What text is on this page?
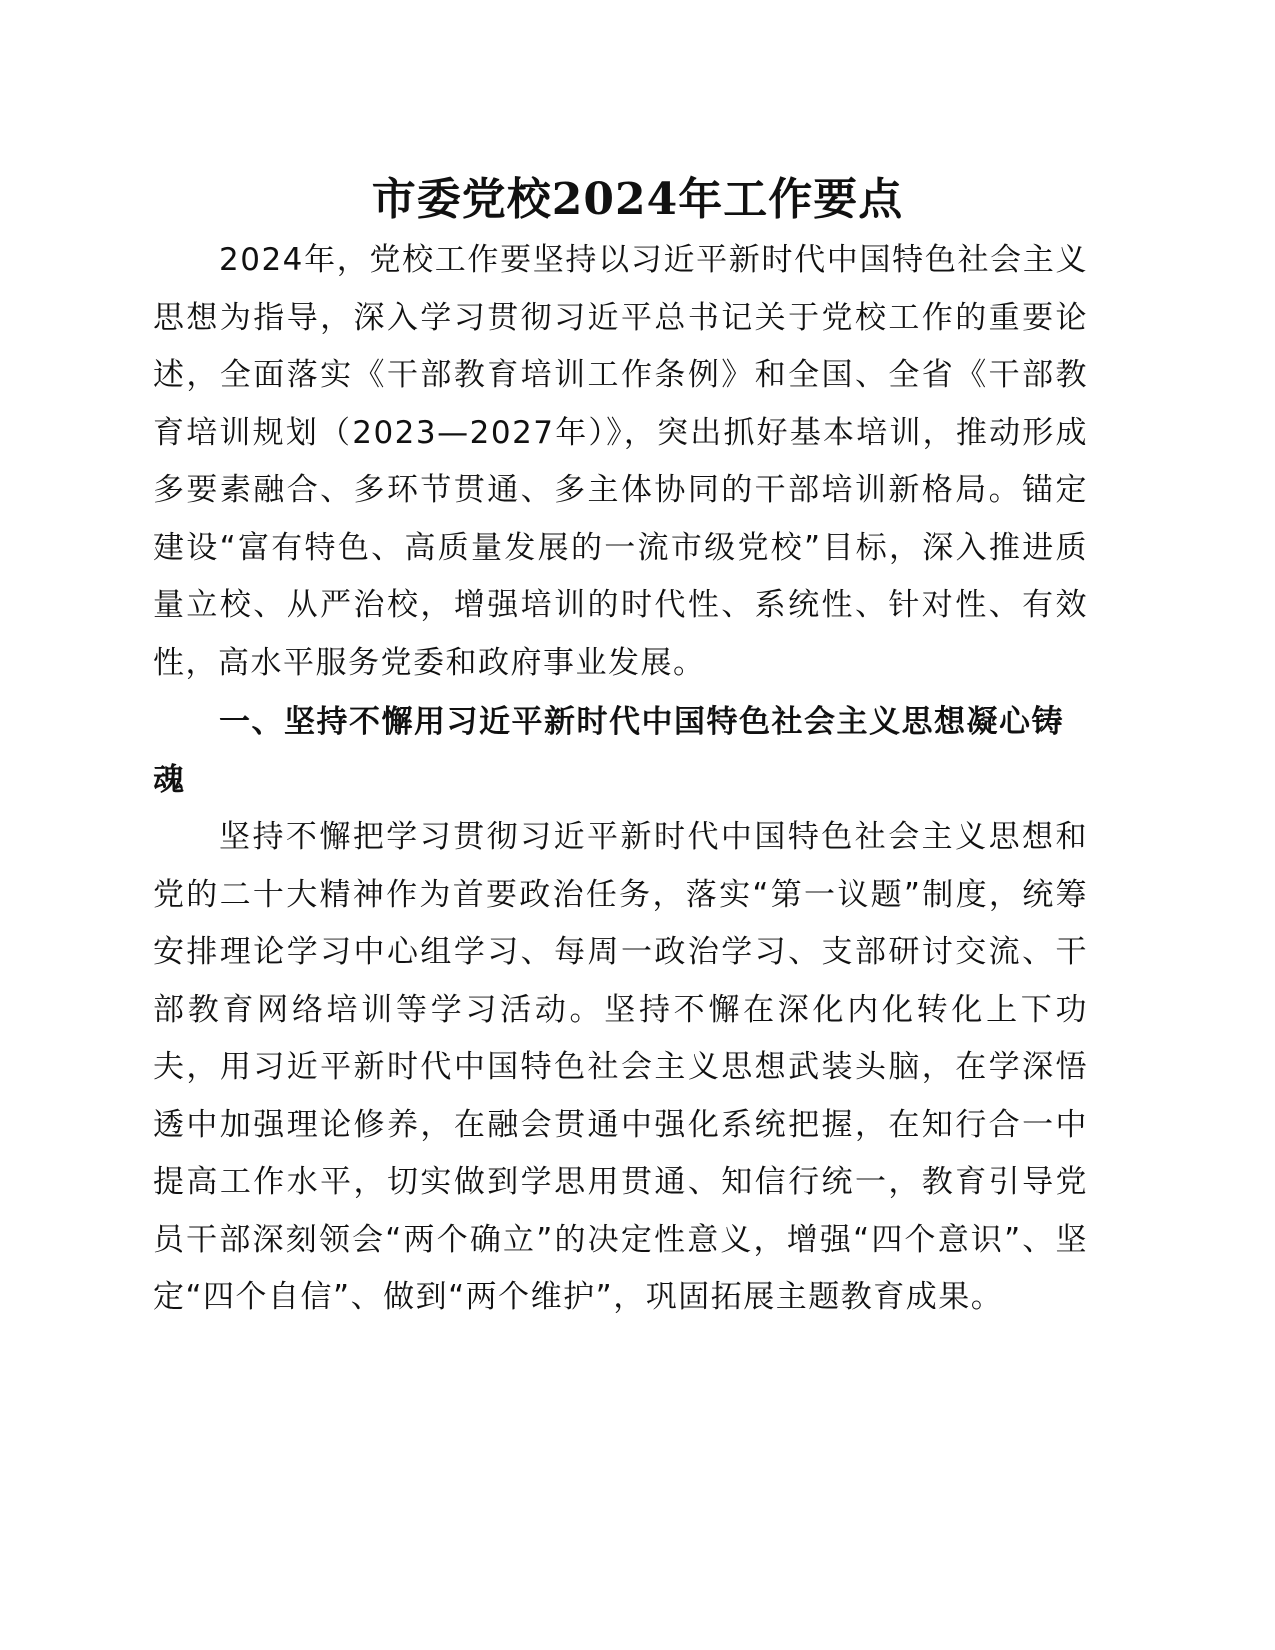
市委党校2024年工作要点

2024年，党校工作要坚持以习近平新时代中国特色社会主义思想为指导，深入学习贯彻习近平总书记关于党校工作的重要论述，全面落实《干部教育培训工作条例》和全国、全省《干部教育培训规划（2023—2027年）》，突出抓好基本培训，推动形成多要素融合、多环节贯通、多主体协同的干部培训新格局。锚定建设“富有特色、高质量发展的一流市级党校”目标，深入推进质量立校、从严治校，增强培训的时代性、系统性、针对性、有效性，高水平服务党委和政府事业发展。

一、坚持不懈用习近平新时代中国特色社会主义思想凝心铸魂

坚持不懈把学习贯彻习近平新时代中国特色社会主义思想和党的二十大精神作为首要政治任务，落实“第一议题”制度，统筹安排理论学习中心组学习、每周一政治学习、支部研讨交流、干部教育网络培训等学习活动。坚持不懈在深化内化转化上下功夫，用习近平新时代中国特色社会主义思想武装头脑，在学深悟透中加强理论修养，在融会贯通中强化系统把握，在知行合一中提高工作水平，切实做到学思用贯通、知信行统一，教育引导党员干部深刻领会“两个确立”的决定性意义，增强“四个意识”、坚定“四个自信”、做到“两个维护”，巩固拓展主题教育成果。
